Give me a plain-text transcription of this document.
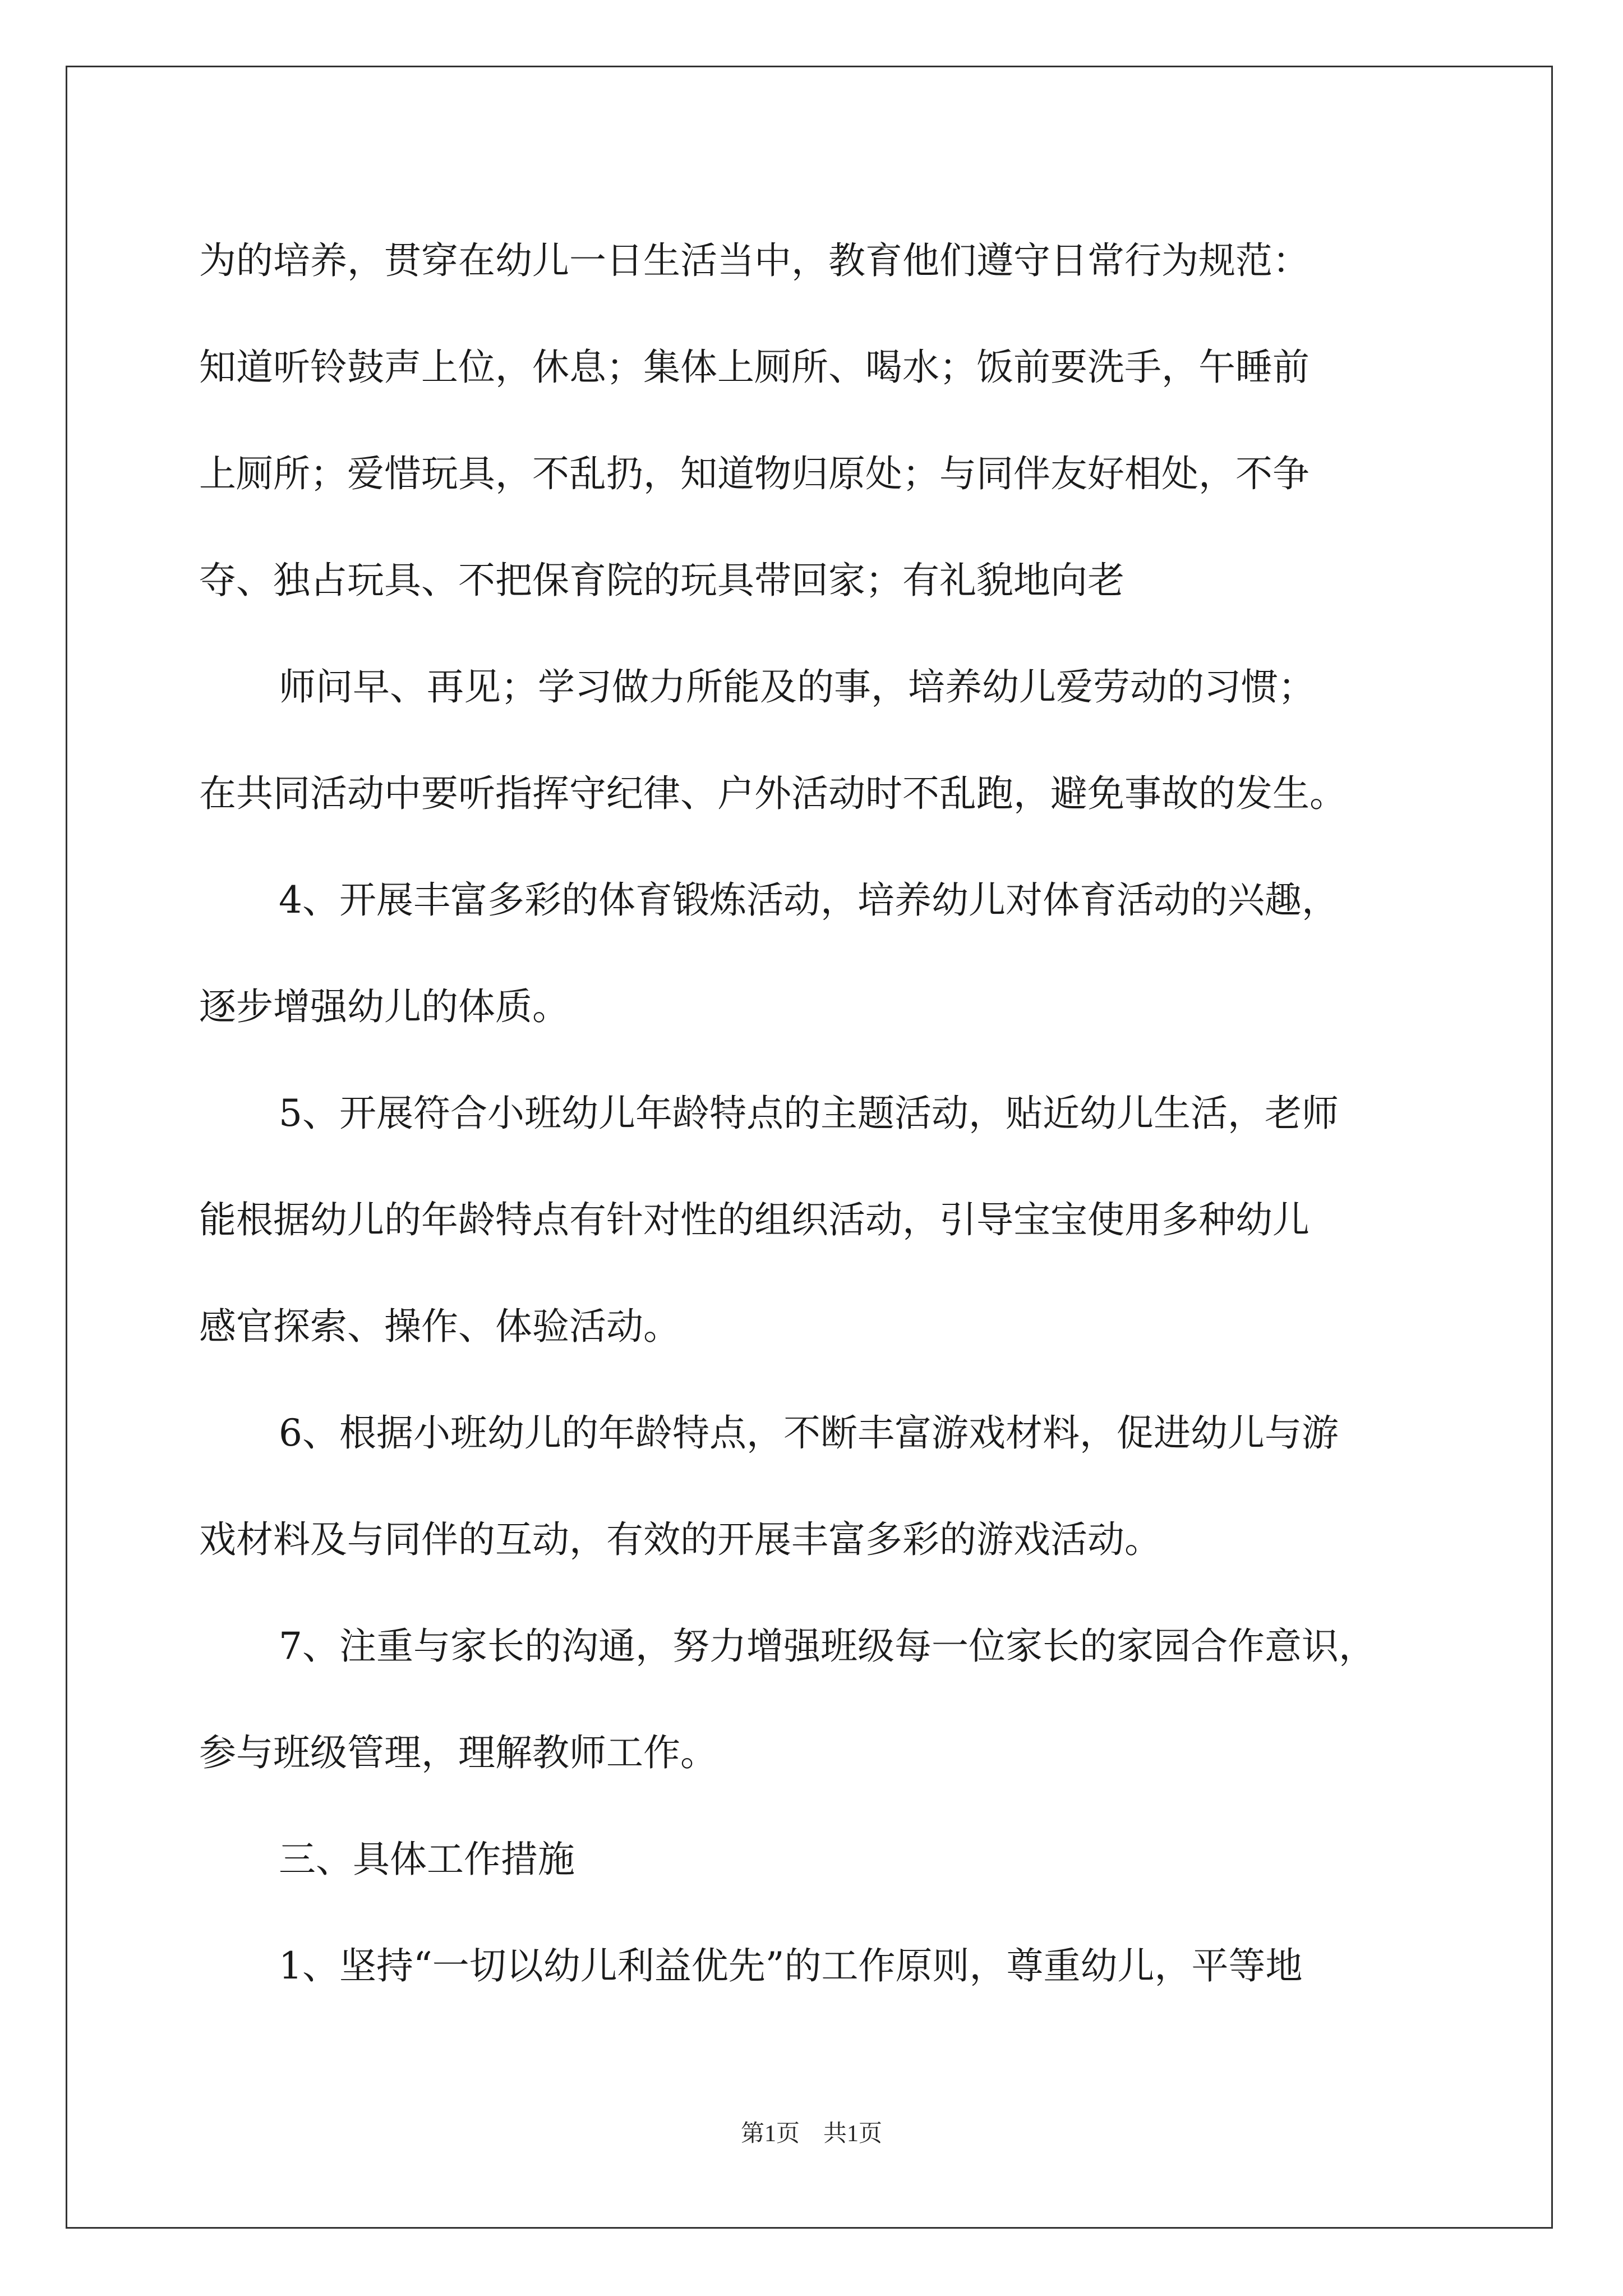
为的培养，贯穿在幼儿一日生活当中，教育他们遵守日常行为规范：
知道听铃鼓声上位，休息；集体上厕所、喝水；饭前要洗手，午睡前
上厕所；爱惜玩具，不乱扔，知道物归原处；与同伴友好相处，不争
夺、独占玩具、不把保育院的玩具带回家；有礼貌地向老
师问早、再见；学习做力所能及的事，培养幼儿爱劳动的习惯；
在共同活动中要听指挥守纪律、户外活动时不乱跑，避免事故的发生。
4、开展丰富多彩的体育锻炼活动，培养幼儿对体育活动的兴趣，
逐步增强幼儿的体质。
5、开展符合小班幼儿年龄特点的主题活动，贴近幼儿生活，老师
能根据幼儿的年龄特点有针对性的组织活动，引导宝宝使用多种幼儿
感官探索、操作、体验活动。
6、根据小班幼儿的年龄特点，不断丰富游戏材料，促进幼儿与游
戏材料及与同伴的互动，有效的开展丰富多彩的游戏活动。
7、注重与家长的沟通，努力增强班级每一位家长的家园合作意识，
参与班级管理，理解教师工作。
三、具体工作措施
1、坚持“一切以幼儿利益优先”的工作原则，尊重幼儿，平等地
第1页　共1页
